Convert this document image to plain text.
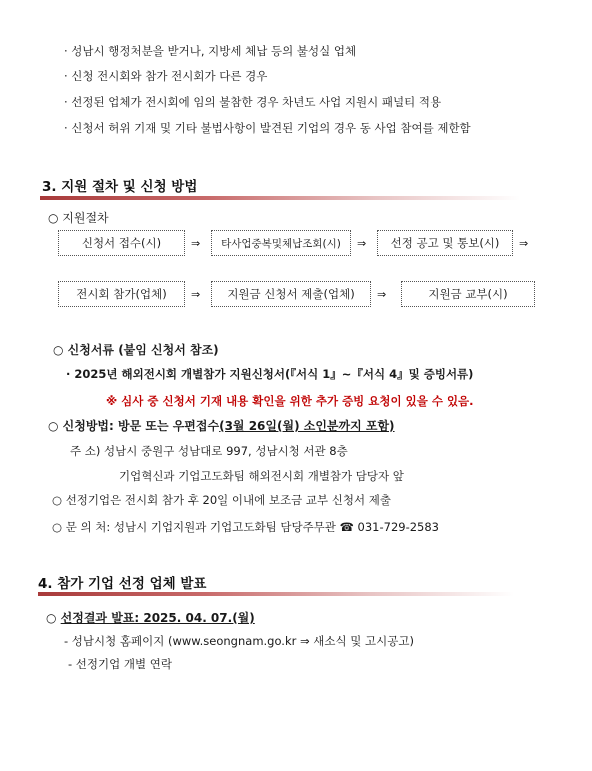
· 성남시 행정처분을 받거나, 지방세 체납 등의 불성실 업체
· 신청 전시회와 참가 전시회가 다른 경우
· 선정된 업체가 전시회에 임의 불참한 경우 차년도 사업 지원시 패널티 적용
· 신청서 허위 기재 및 기타 불법사항이 발견된 기업의 경우 동 사업 참여를 제한함
3. 지원 절차 및 신청 방법
○ 지원절차
신청서 접수(시)	⇒	타사업중복및체납조회(시)	⇒	선정 공고 및 통보(시)	⇒
전시회 참가(업체)	⇒	지원금 신청서 제출(업체)	⇒	지원금 교부(시)
○ 신청서류 (붙임 신청서 참조)
· 2025년 해외전시회 개별참가 지원신청서(『서식 1』~『서식 4』및 증빙서류)
※ 심사 중 신청서 기재 내용 확인을 위한 추가 증빙 요청이 있을 수 있음.
○ 신청방법: 방문 또는 우편접수(3월 26일(월) 소인분까지 포함)
주 소) 성남시 중원구 성남대로 997, 성남시청 서관 8층
기업혁신과 기업고도화팀 해외전시회 개별참가 담당자 앞
○ 선정기업은 전시회 참가 후 20일 이내에 보조금 교부 신청서 제출
○ 문 의 처: 성남시 기업지원과 기업고도화팀 담당주무관 ☎ 031-729-2583
4. 참가 기업 선정 업체 발표
○ 선정결과 발표: 2025. 04. 07.(월)
- 성남시청 홈페이지 (www.seongnam.go.kr ⇒ 새소식 및 고시공고)
- 선정기업 개별 연락
